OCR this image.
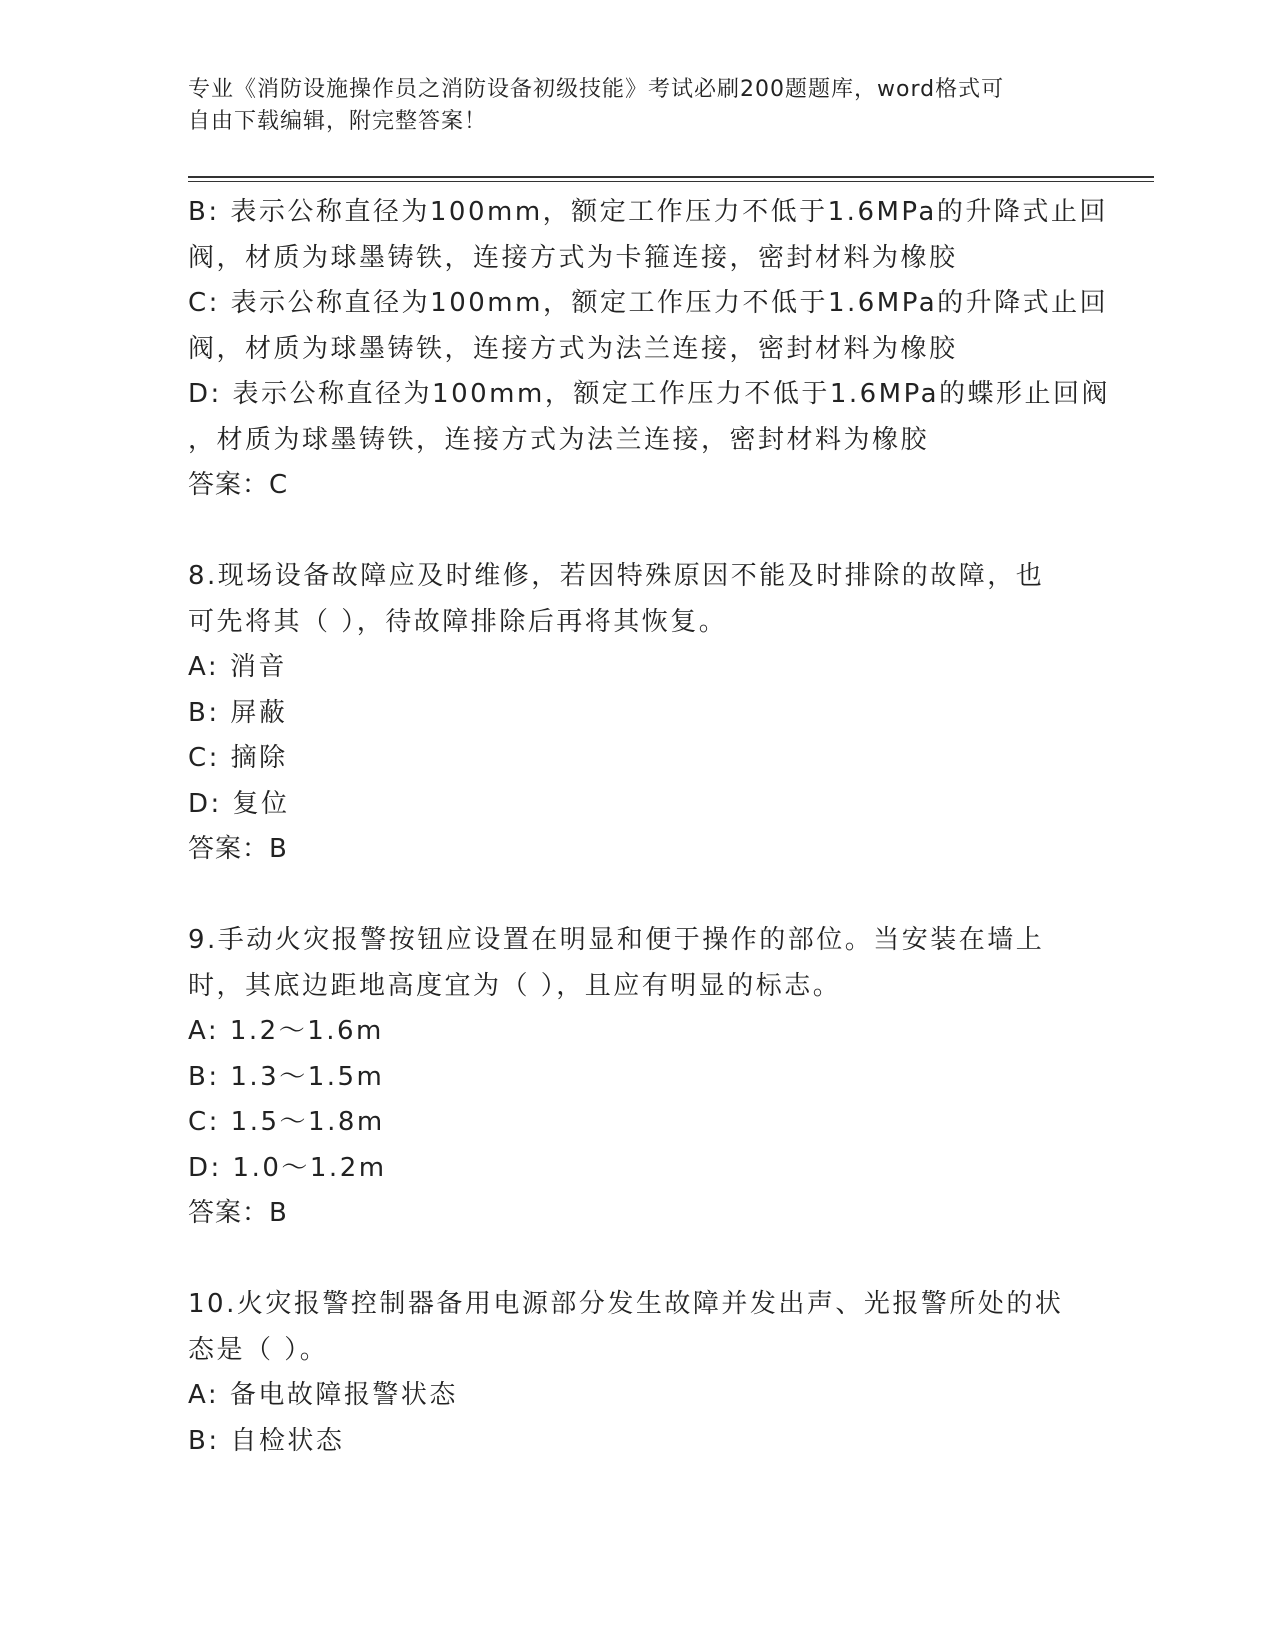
专业《消防设施操作员之消防设备初级技能》考试必刷200题题库，word格式可
自由下载编辑，附完整答案！
B: 表示公称直径为100mm，额定工作压力不低于1.6MPa的升降式止回
阀，材质为球墨铸铁，连接方式为卡箍连接，密封材料为橡胶
C: 表示公称直径为100mm，额定工作压力不低于1.6MPa的升降式止回
阀，材质为球墨铸铁，连接方式为法兰连接，密封材料为橡胶
D: 表示公称直径为100mm，额定工作压力不低于1.6MPa的蝶形止回阀
，材质为球墨铸铁，连接方式为法兰连接，密封材料为橡胶
答案：C
8.现场设备故障应及时维修，若因特殊原因不能及时排除的故障，也
可先将其（ ），待故障排除后再将其恢复。
A: 消音
B: 屏蔽
C: 摘除
D: 复位
答案：B
9.手动火灾报警按钮应设置在明显和便于操作的部位。当安装在墙上
时，其底边距地高度宜为（ ），且应有明显的标志。
A: 1.2～1.6m
B: 1.3～1.5m
C: 1.5～1.8m
D: 1.0～1.2m
答案：B
10.火灾报警控制器备用电源部分发生故障并发出声、光报警所处的状
态是（ ）。
A: 备电故障报警状态
B: 自检状态
